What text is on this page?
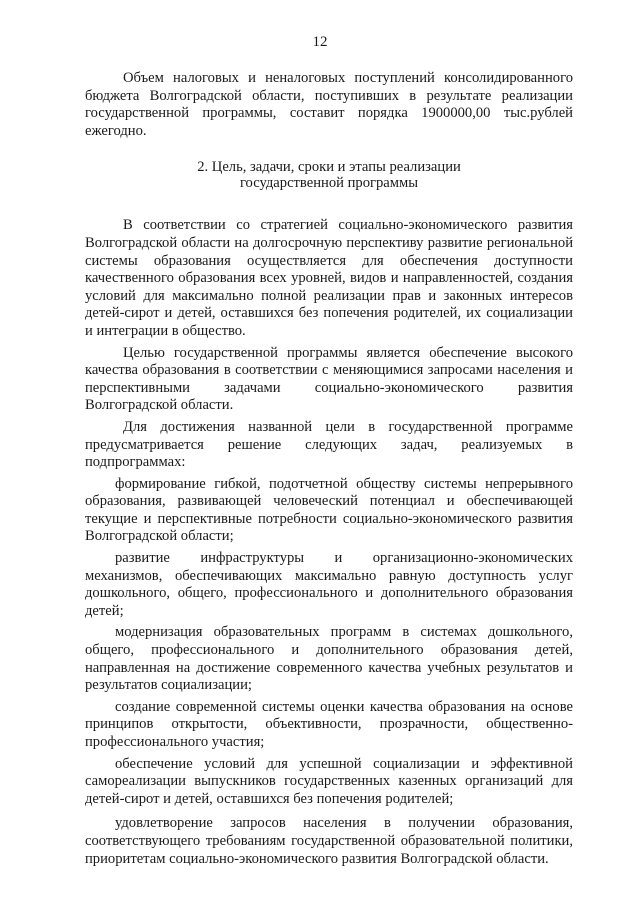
12

Объем налоговых и неналоговых поступлений консолидированного бюджета Волгоградской области, поступивших в результате реализации государственной программы, составит порядка 1900000,00 тыс.рублей ежегодно.

2. Цель, задачи, сроки и этапы реализации
государственной программы

В соответствии со стратегией социально-экономического развития Волгоградской области на долгосрочную перспективу развитие региональной системы образования осуществляется для обеспечения доступности качественного образования всех уровней, видов и направленностей, создания условий для максимально полной реализации прав и законных интересов детей-сирот и детей, оставшихся без попечения родителей, их социализации и интеграции в общество.

Целью государственной программы является обеспечение высокого качества образования в соответствии с меняющимися запросами населения и перспективными задачами социально-экономического развития Волгоградской области.

Для достижения названной цели в государственной программе предусматривается решение следующих задач, реализуемых в подпрограммах:

формирование гибкой, подотчетной обществу системы непрерывного образования, развивающей человеческий потенциал и обеспечивающей текущие и перспективные потребности социально-экономического развития Волгоградской области;

развитие инфраструктуры и организационно-экономических механизмов, обеспечивающих максимально равную доступность услуг дошкольного, общего, профессионального и дополнительного образования детей;

модернизация образовательных программ в системах дошкольного, общего, профессионального и дополнительного образования детей, направленная на достижение современного качества учебных результатов и результатов социализации;

создание современной системы оценки качества образования на основе принципов открытости, объективности, прозрачности, общественно-профессионального участия;

обеспечение условий для успешной социализации и эффективной самореализации выпускников государственных казенных организаций для детей-сирот и детей, оставшихся без попечения родителей;

удовлетворение запросов населения в получении образования, соответствующего требованиям государственной образовательной политики, приоритетам социально-экономического развития Волгоградской области.
